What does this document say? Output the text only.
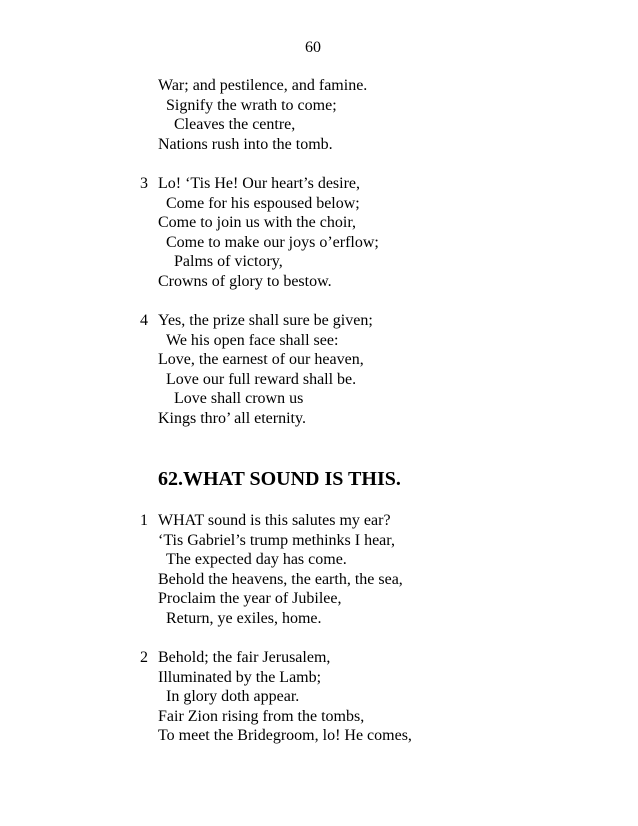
60
War; and pestilence, and famine.
Signify the wrath to come;
Cleaves the centre,
Nations rush into the tomb.
3 Lo! ‘Tis He! Our heart’s desire,
Come for his espoused below;
Come to join us with the choir,
Come to make our joys o’erflow;
Palms of victory,
Crowns of glory to bestow.
4 Yes, the prize shall sure be given;
We his open face shall see:
Love, the earnest of our heaven,
Love our full reward shall be.
Love shall crown us
Kings thro’ all eternity.
62.WHAT SOUND IS THIS.
1 WHAT sound is this salutes my ear?
‘Tis Gabriel’s trump methinks I hear,
The expected day has come.
Behold the heavens, the earth, the sea,
Proclaim the year of Jubilee,
Return, ye exiles, home.
2 Behold; the fair Jerusalem,
Illuminated by the Lamb;
In glory doth appear.
Fair Zion rising from the tombs,
To meet the Bridegroom, lo! He comes,
